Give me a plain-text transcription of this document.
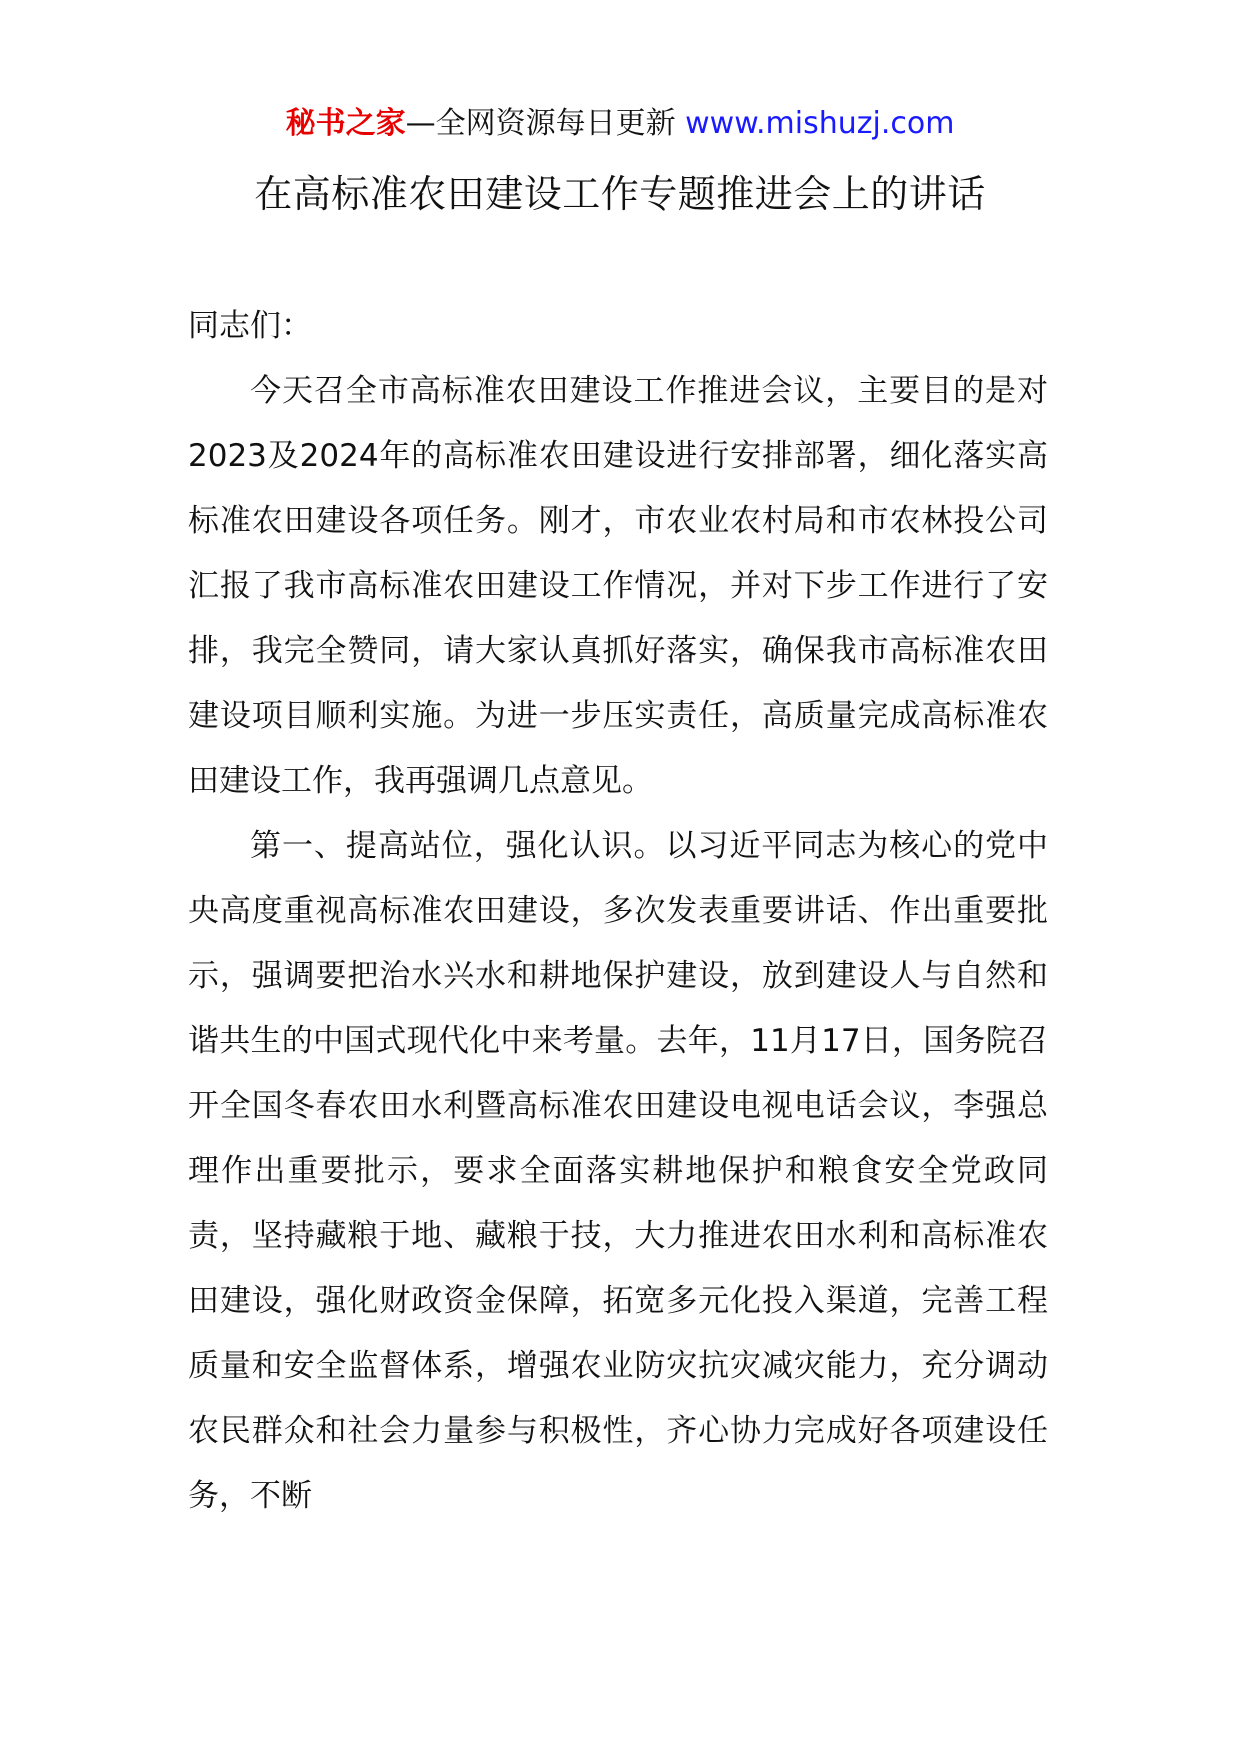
秘书之家—全网资源每日更新 www.mishuzj.com
在高标准农田建设工作专题推进会上的讲话

同志们：

今天召全市高标准农田建设工作推进会议，主要目的是对2023及2024年的高标准农田建设进行安排部署，细化落实高标准农田建设各项任务。刚才，市农业农村局和市农林投公司汇报了我市高标准农田建设工作情况，并对下步工作进行了安排，我完全赞同，请大家认真抓好落实，确保我市高标准农田建设项目顺利实施。为进一步压实责任，高质量完成高标准农田建设工作，我再强调几点意见。

第一、提高站位，强化认识。以习近平同志为核心的党中央高度重视高标准农田建设，多次发表重要讲话、作出重要批示，强调要把治水兴水和耕地保护建设，放到建设人与自然和谐共生的中国式现代化中来考量。去年，11月17日，国务院召开全国冬春农田水利暨高标准农田建设电视电话会议，李强总理作出重要批示，要求全面落实耕地保护和粮食安全党政同责，坚持藏粮于地、藏粮于技，大力推进农田水利和高标准农田建设，强化财政资金保障，拓宽多元化投入渠道，完善工程质量和安全监督体系，增强农业防灾抗灾减灾能力，充分调动农民群众和社会力量参与积极性，齐心协力完成好各项建设任务，不断
